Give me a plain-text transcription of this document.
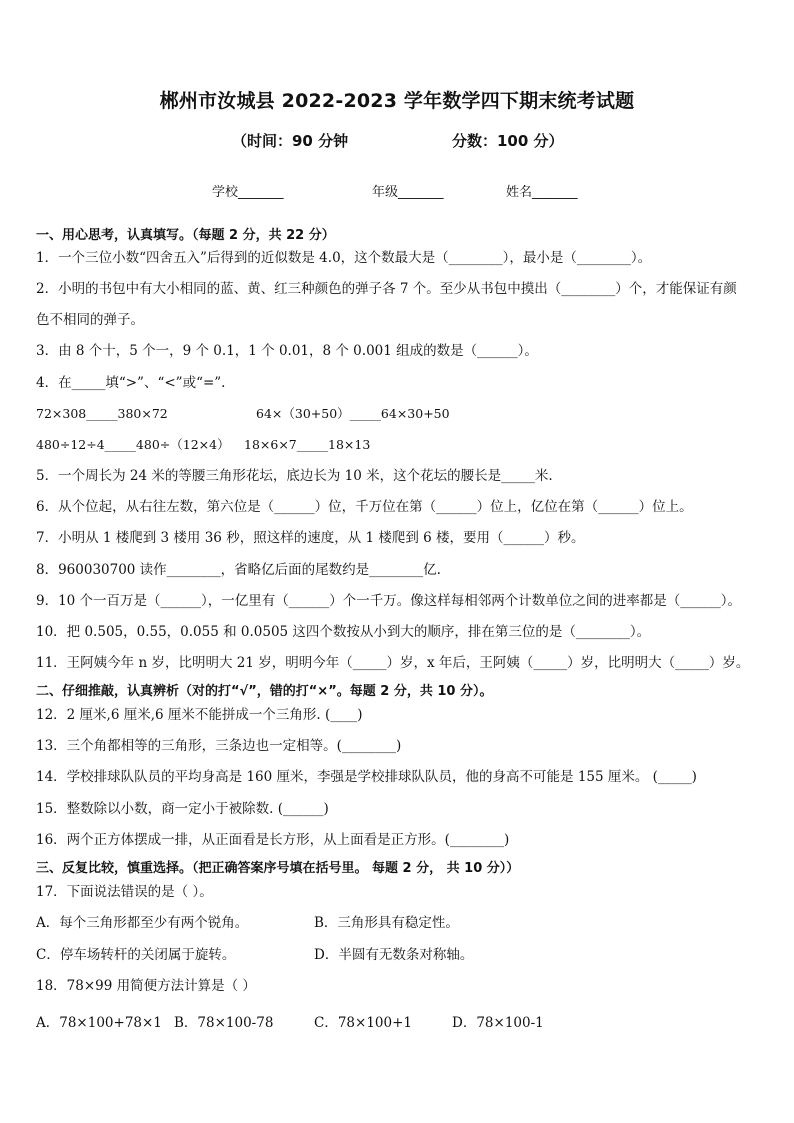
郴州市汝城县 2022-2023 学年数学四下期末统考试题
（时间：90 分钟	分数：100 分）
学校_______	年级_______	姓名_______
一、用心思考，认真填写。（每题 2 分，共 22 分）
1．一个三位小数“四舍五入”后得到的近似数是 4.0，这个数最大是（________），最小是（________）。
2．小明的书包中有大小相同的蓝、黄、红三种颜色的弹子各 7 个。至少从书包中摸出（________）个，才能保证有颜
色不相同的弹子。
3．由 8 个十，5 个一，9 个 0.1，1 个 0.01，8 个 0.001 组成的数是（______）。
4．在_____填“>”、“<”或“=”.
72×308_____380×72	64×（30+50）_____64×30+50
480÷12÷4_____480÷（12×4） 18×6×7_____18×13
5．一个周长为 24 米的等腰三角形花坛，底边长为 10 米，这个花坛的腰长是_____米.
6．从个位起，从右往左数，第六位是（______）位，千万位在第（______）位上，亿位在第（______）位上。
7．小明从 1 楼爬到 3 楼用 36 秒，照这样的速度，从 1 楼爬到 6 楼，要用（______）秒。
8．960030700 读作________，省略亿后面的尾数约是________亿.
9．10 个一百万是（______），一亿里有（______）个一千万。像这样每相邻两个计数单位之间的进率都是（______）。
10．把 0.505，0.55，0.055 和 0.0505 这四个数按从小到大的顺序，排在第三位的是（________）。
11．王阿姨今年 n 岁，比明明大 21 岁，明明今年（_____）岁，x 年后，王阿姨（_____）岁，比明明大（_____）岁。
二、仔细推敲，认真辨析（对的打“√”，错的打“×”。每题 2 分，共 10 分）。
12．2 厘米,6 厘米,6 厘米不能拼成一个三角形. (____)
13．三个角都相等的三角形，三条边也一定相等。(________)
14．学校排球队队员的平均身高是 160 厘米，李强是学校排球队队员，他的身高不可能是 155 厘米。 (_____)
15．整数除以小数，商一定小于被除数. (______)
16．两个正方体摆成一排，从正面看是长方形，从上面看是正方形。(________)
三、反复比较，慎重选择。（把正确答案序号填在括号里。 每题 2 分， 共 10 分））
17．下面说法错误的是（ ）。
A．每个三角形都至少有两个锐角。	B．三角形具有稳定性。
C．停车场转杆的关闭属于旋转。	D．半圆有无数条对称轴。
18．78×99 用简便方法计算是（ ）
A．78×100+78×1 B．78×100-78	C．78×100+1	D．78×100-1
